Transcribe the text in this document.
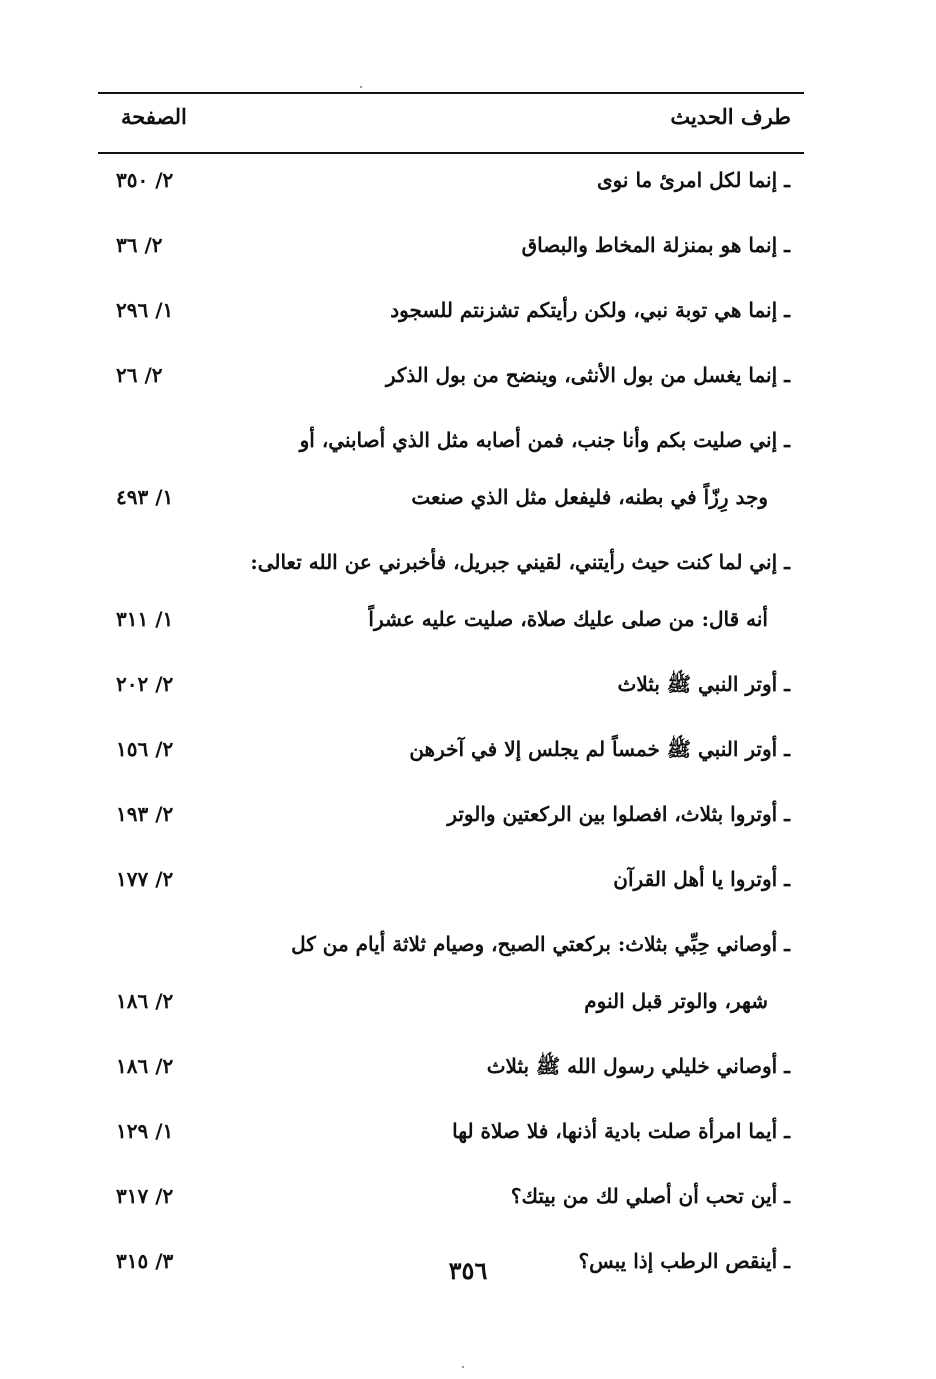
طرف الحديث
الصفحة
ـ إنما لكل امرئ ما نوى
٢/ ٣٥٠
ـ إنما هو بمنزلة المخاط والبصاق
٢/ ٣٦
ـ إنما هي توبة نبي، ولكن رأيتكم تشزنتم للسجود
١/ ٢٩٦
ـ إنما يغسل من بول الأنثى، وينضح من بول الذكر
٢/ ٢٦
ـ إني صليت بكم وأنا جنب، فمن أصابه مثل الذي أصابني، أو
وجد رِزّاً في بطنه، فليفعل مثل الذي صنعت
١/ ٤٩٣
ـ إني لما كنت حيث رأيتني، لقيني جبريل، فأخبرني عن الله تعالى:
أنه قال: من صلى عليك صلاة، صليت عليه عشراً
١/ ٣١١
ـ أوتر النبي ﷺ بثلاث
٢/ ٢٠٢
ـ أوتر النبي ﷺ خمساً لم يجلس إلا في آخرهن
٢/ ١٥٦
ـ أوتروا بثلاث، افصلوا بين الركعتين والوتر
٢/ ١٩٣
ـ أوتروا يا أهل القرآن
٢/ ١٧٧
ـ أوصاني حِبِّي بثلاث: بركعتي الصبح، وصيام ثلاثة أيام من كل
شهر، والوتر قبل النوم
٢/ ١٨٦
ـ أوصاني خليلي رسول الله ﷺ بثلاث
٢/ ١٨٦
ـ أيما امرأة صلت بادية أذنها، فلا صلاة لها
١/ ١٢٩
ـ أين تحب أن أصلي لك من بيتك؟
٢/ ٣١٧
ـ أينقص الرطب إذا يبس؟
٣/ ٣١٥	٣٥٦
